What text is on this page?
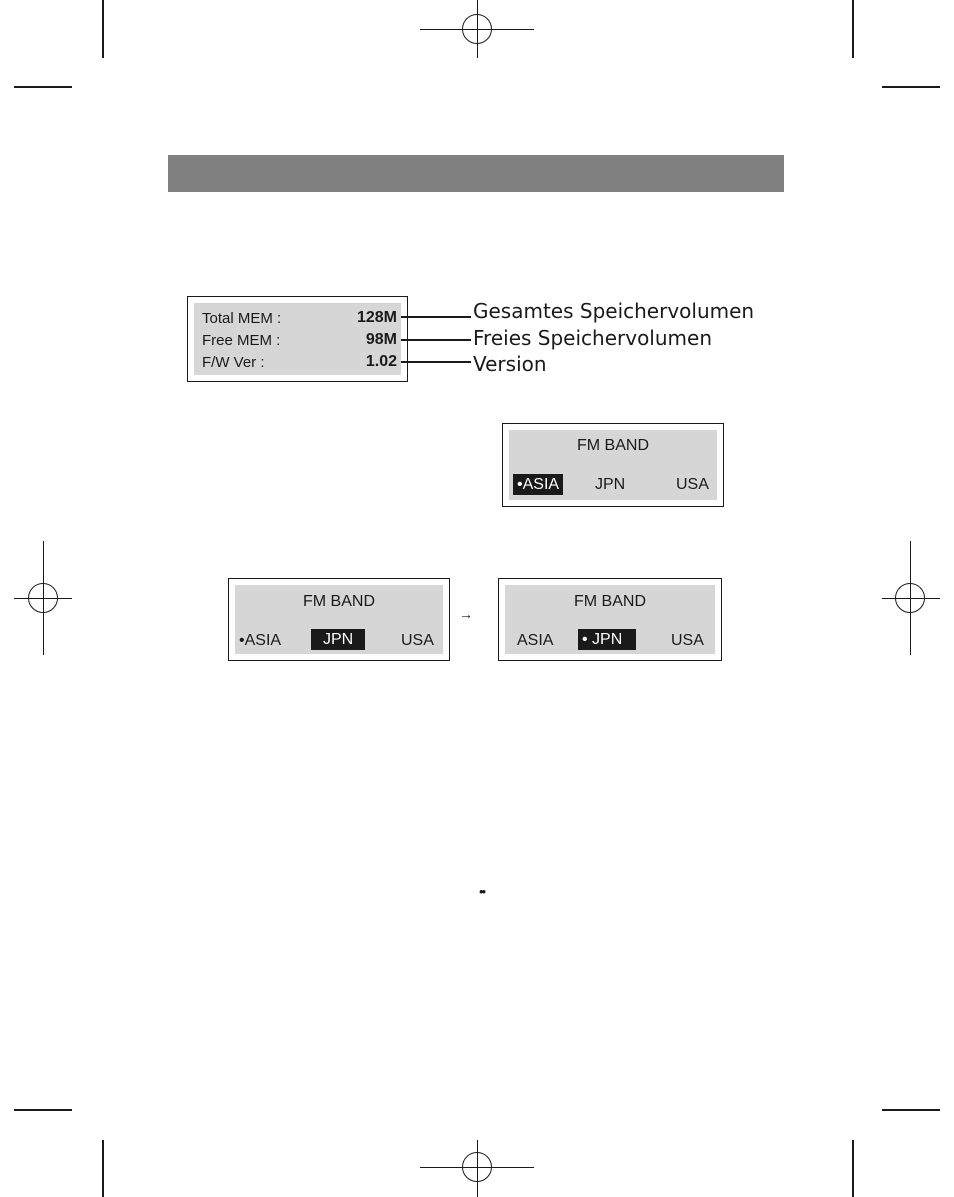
Total MEM :	128M
Free MEM :	98M
F/W Ver :	1.02
Gesamtes Speichervolumen
Freies Speichervolumen
Version
FM BAND
•ASIA JPN	USA
FM BAND
•ASIA	JPN	USA
→
FM BAND
ASIA • JPN	USA
••
